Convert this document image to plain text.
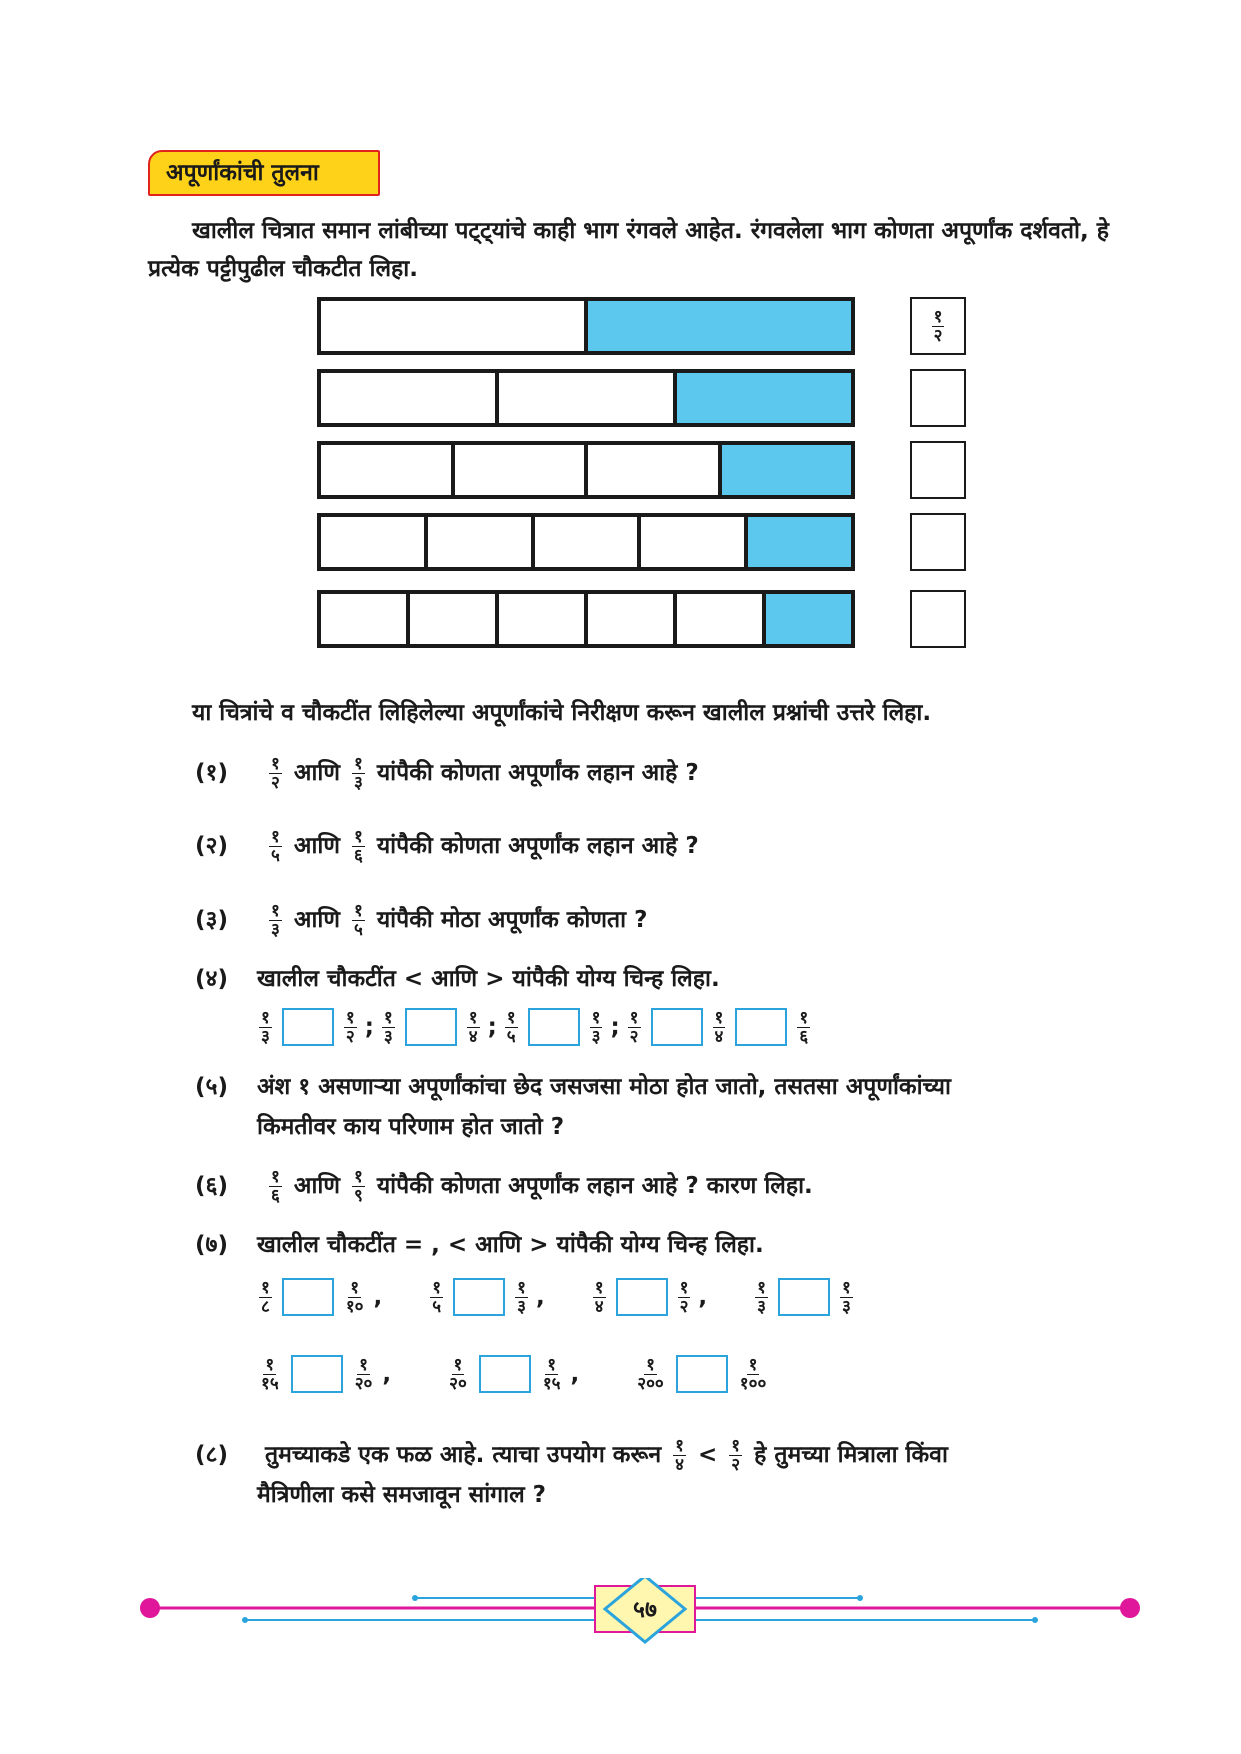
अपूर्णांकांची तुलना
खालील चित्रात समान लांबीच्या पट्ट्यांचे काही भाग रंगवले आहेत. रंगवलेला भाग कोणता अपूर्णांक दर्शवतो, हे प्रत्येक पट्टीपुढील चौकटीत लिहा.
$\frac{१}{२}$
या चित्रांचे व चौकटींत लिहिलेल्या अपूर्णांकांचे निरीक्षण करून खालील प्रश्नांची उत्तरे लिहा.
(१) $\frac{१}{२}$ आणि $\frac{१}{३}$ यांपैकी कोणता अपूर्णांक लहान आहे ?
(२) $\frac{१}{५}$ आणि $\frac{१}{६}$ यांपैकी कोणता अपूर्णांक लहान आहे ?
(३) $\frac{१}{३}$ आणि $\frac{१}{५}$ यांपैकी मोठा अपूर्णांक कोणता ?
(४) खालील चौकटींत < आणि > यांपैकी योग्य चिन्ह लिहा.
$\frac{१}{३}$	$\frac{१}{२}$ ; $\frac{१}{३}$	$\frac{१}{४}$ ; $\frac{१}{५}$	$\frac{१}{३}$ ; $\frac{१}{२}$	$\frac{१}{४}$	$\frac{१}{६}$
(५) अंश १ असणाऱ्या अपूर्णांकांचा छेद जसजसा मोठा होत जातो, तसतसा अपूर्णांकांच्या
किमतीवर काय परिणाम होत जातो ?
(६) $\frac{१}{६}$ आणि $\frac{१}{९}$ यांपैकी कोणता अपूर्णांक लहान आहे ? कारण लिहा.
(७) खालील चौकटींत = , < आणि > यांपैकी योग्य चिन्ह लिहा.
$\frac{१}{८}$	$\frac{१}{१०}$ ,	$\frac{१}{५}$	$\frac{१}{३}$ ,	$\frac{१}{४}$	$\frac{१}{२}$ ,	$\frac{१}{३}$	$\frac{१}{३}$
$\frac{१}{१५}$	$\frac{१}{२०}$ ,	$\frac{१}{२०}$	$\frac{१}{१५}$ ,	$\frac{१}{२००}$	$\frac{१}{१००}$
(८) तुमच्याकडे एक फळ आहे. त्याचा उपयोग करून $\frac{१}{४} < \frac{१}{२}$ हे तुमच्या मित्राला किंवा
मैत्रिणीला कसे समजावून सांगाल ?
५७
